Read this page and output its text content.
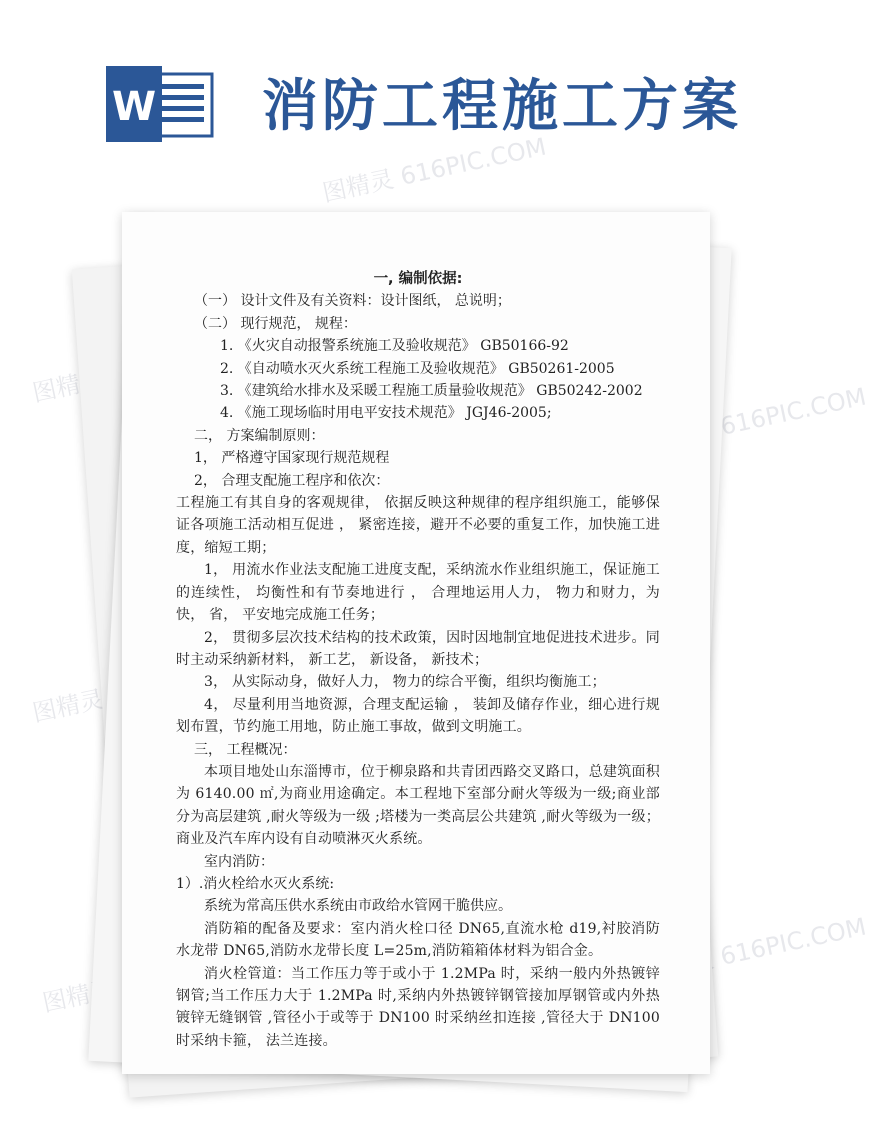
W 消防工程施工方案
图精灵 616PIC.COM
图精灵	图精灵 616PIC.COM
图精灵
图精灵 616PIC.COM
图精灵
一, 编制依据:

（一） 设计文件及有关资料：设计图纸， 总说明；

（二） 现行规范， 规程：

1. 《火灾自动报警系统施工及验收规范》 GB50166-92

2. 《自动喷水灭火系统工程施工及验收规范》 GB50261-2005

3. 《建筑给水排水及采暖工程施工质量验收规范》 GB50242-2002

4. 《施工现场临时用电平安技术规范》 JGJ46-2005;

二， 方案编制原则：

1， 严格遵守国家现行规范规程

2， 合理支配施工程序和依次：

工程施工有其自身的客观规律， 依据反映这种规律的程序组织施工，能够保证各项施工活动相互促进 ， 紧密连接，避开不必要的重复工作，加快施工进度，缩短工期；

1， 用流水作业法支配施工进度支配，采纳流水作业组织施工，保证施工的连续性， 均衡性和有节奏地进行 ， 合理地运用人力， 物力和财力，为快， 省， 平安地完成施工任务；

2， 贯彻多层次技术结构的技术政策，因时因地制宜地促进技术进步。同时主动采纳新材料， 新工艺， 新设备， 新技术；

3， 从实际动身，做好人力， 物力的综合平衡，组织均衡施工；

4， 尽量利用当地资源，合理支配运输 ， 装卸及储存作业，细心进行规划布置，节约施工用地，防止施工事故，做到文明施工。

三， 工程概况：

本项目地处山东淄博市，位于柳泉路和共青团西路交叉路口，总建筑面积为 6140.00 ㎡,为商业用途确定。本工程地下室部分耐火等级为一级;商业部分为高层建筑 ,耐火等级为一级 ;塔楼为一类高层公共建筑 ,耐火等级为一级；商业及汽车库内设有自动喷淋灭火系统。

室内消防：

1）.消火栓给水灭火系统:

系统为常高压供水系统由市政给水管网干脆供应。

消防箱的配备及要求：室内消火栓口径 DN65,直流水枪 d19,衬胶消防水龙带 DN65,消防水龙带长度 L=25m,消防箱箱体材料为铝合金。

消火栓管道：当工作压力等于或小于 1.2MPa 时，采纳一般内外热镀锌钢管;当工作压力大于 1.2MPa 时,采纳内外热镀锌钢管接加厚钢管或内外热镀锌无缝钢管 ,管径小于或等于 DN100 时采纳丝扣连接 ,管径大于 DN100 时采纳卡箍， 法兰连接。
